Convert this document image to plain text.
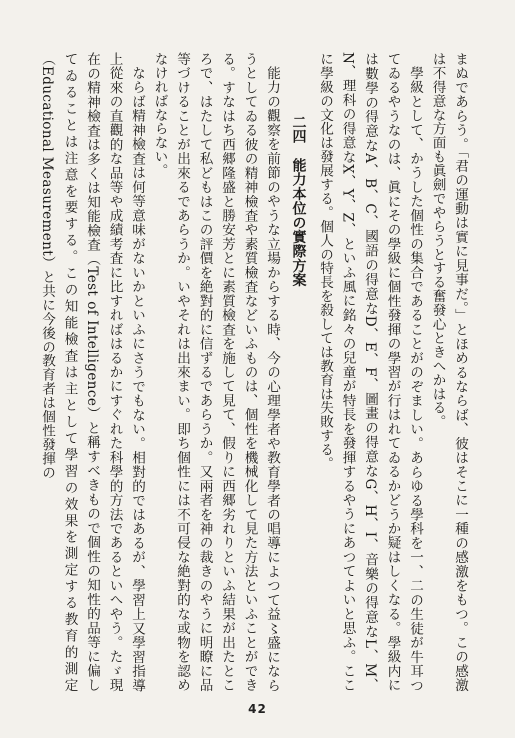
まぬであらう。「君の運動は實に見事だ。」とほめるならば、彼はそこに一種の感激をもつ。この感激は不得意な方面も眞劍でやらうとする奮發心ときへかはる。

學級として、かうした個性の集合であることがのぞましい。あらゆる學科を一、二の生徒が牛耳つてゐるやうなのは、眞にその學級に個性發揮の學習が行はれてゐるかどうか疑はしくなる。學級内には數學の得意なA、B、C、國語の得意なD、E、F、圖畫の得意なG、H、I、音樂の得意なL、M、N、理科の得意なX、Y、Z、といふ風に銘々の兒童が特長を發揮するやうにあつてよいと思ふ。ここに學級の文化は發展する。個人の特長を殺しては教育は失敗する。

二四　能力本位の實際方案

能力の觀察を前節のやうな立場からする時、今の心理學者や教育學者の唱導によつて益〻盛にならうとしてゐる彼の精神檢査や素質檢査などいふものは、個性を機械化して見た方法といふことができる。すなはち西郷隆盛と勝安芳とに素質檢査を施して見て、假りに西郷劣れりといふ結果が出たところで、はたして私どもはこの評價を絶對的に信ずるであらうか。又兩者を神の裁きのやうに明瞭に品等づけることが出來るであらうか。いやそれは出來まい。即ち個性には不可侵な絶對的な或物を認めなければならない。

ならば精神檢査は何等意味がないかといふにさうでもない。相對的ではあるが、學習上又學習指導上從來の直觀的な品等や成績考査に比すればはるかにすぐれた科學的方法であるといへやう。たゞ現在の精神檢査は多くは知能檢査（Test of Intelligence）と稱すべきもので個性の知性的品等に偏してゐることは注意を要する。この知能檢査は主として學習の效果を測定する教育的測定（Educational Measurement）と共に今後の教育者は個性發揮の

42
